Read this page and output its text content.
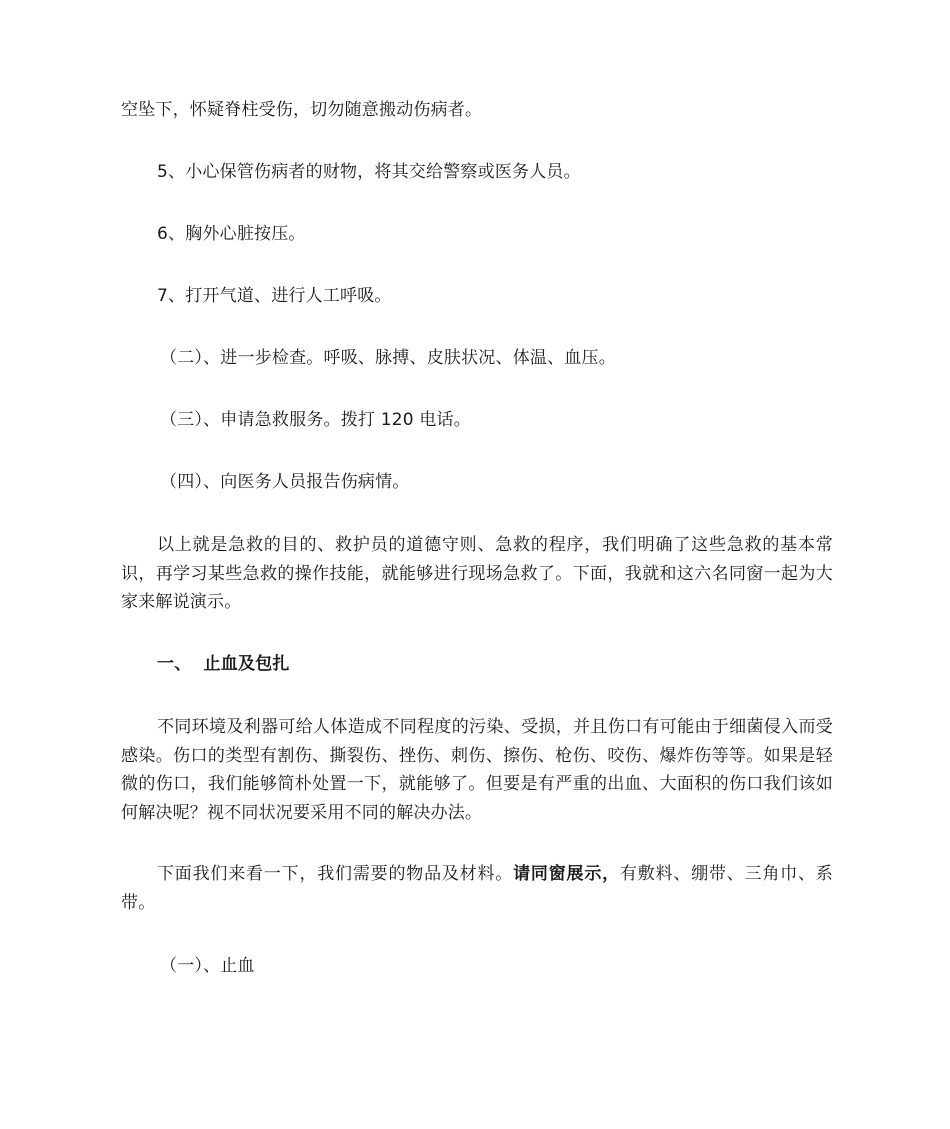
空坠下，怀疑脊柱受伤，切勿随意搬动伤病者。
5、小心保管伤病者的财物，将其交给警察或医务人员。
6、胸外心脏按压。
7、打开气道、进行人工呼吸。
（二）、进一步检查。呼吸、脉搏、皮肤状况、体温、血压。
（三）、申请急救服务。拨打 120 电话。
（四）、向医务人员报告伤病情。
以上就是急救的目的、救护员的道德守则、急救的程序，我们明确了这些急救的基本常识，再学习某些急救的操作技能，就能够进行现场急救了。下面，我就和这六名同窗一起为大家来解说演示。
一、  止血及包扎
不同环境及利器可给人体造成不同程度的污染、受损，并且伤口有可能由于细菌侵入而受感染。伤口的类型有割伤、撕裂伤、挫伤、刺伤、擦伤、枪伤、咬伤、爆炸伤等等。如果是轻微的伤口，我们能够简朴处置一下，就能够了。但要是有严重的出血、大面积的伤口我们该如何解决呢？视不同状况要采用不同的解决办法。
下面我们来看一下，我们需要的物品及材料。请同窗展示，有敷料、绷带、三角巾、系带。
（一）、止血
